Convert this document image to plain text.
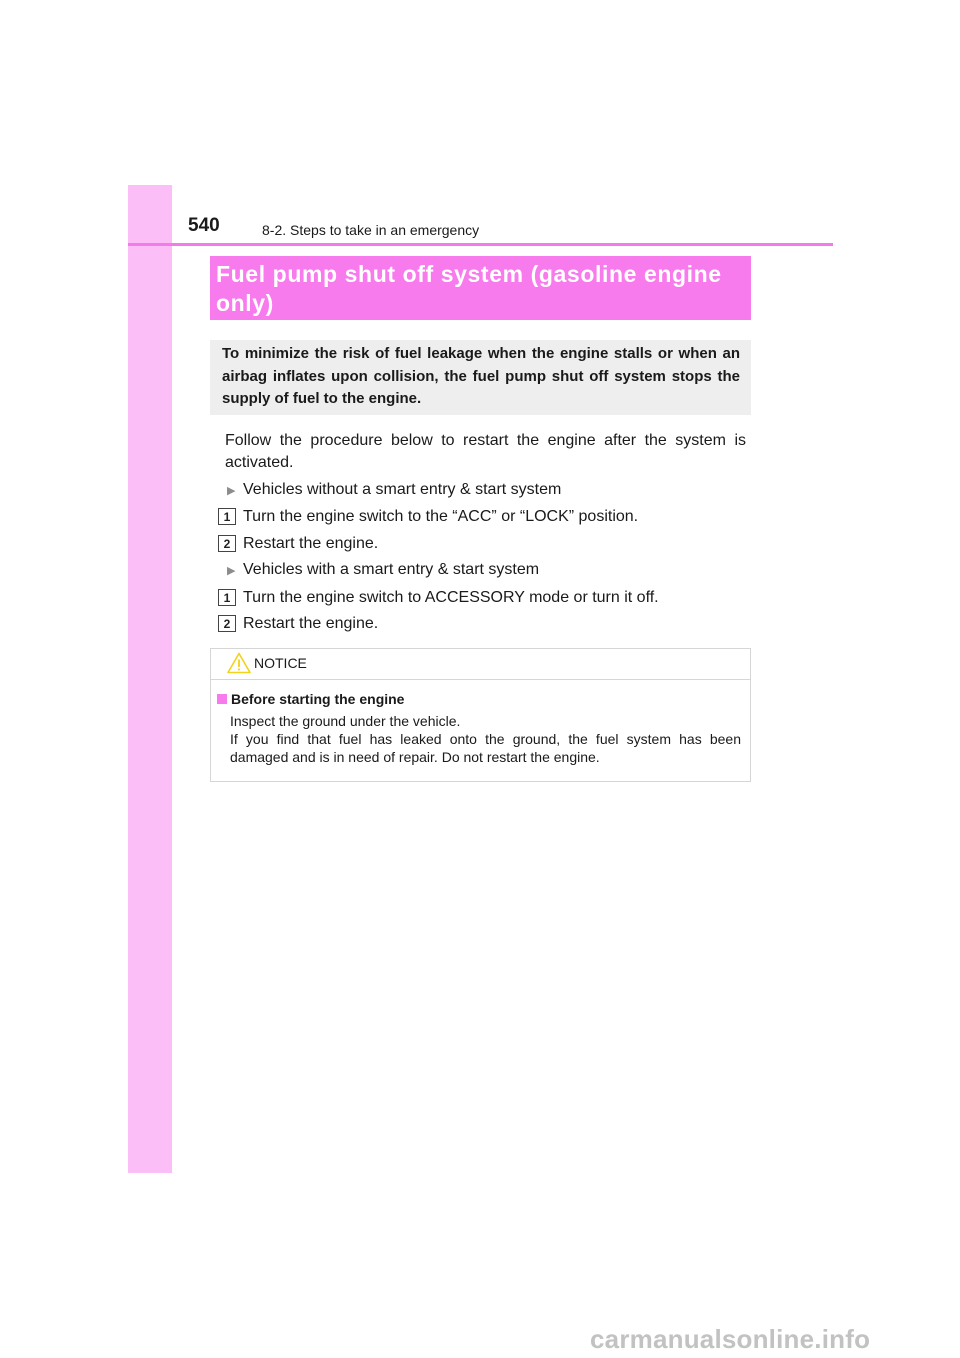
540	8-2. Steps to take in an emergency
Fuel pump shut off system (gasoline engine
only)
To minimize the risk of fuel leakage when the engine stalls or when an airbag inflates upon collision, the fuel pump shut off system stops the supply of fuel to the engine.
Follow the procedure below to restart the engine after the system is activated.
▶ Vehicles without a smart entry & start system
1 Turn the engine switch to the “ACC” or “LOCK” position.
2 Restart the engine.
▶ Vehicles with a smart entry & start system
1 Turn the engine switch to ACCESSORY mode or turn it off.
2 Restart the engine.
NOTICE
Before starting the engine
Inspect the ground under the vehicle.
If you find that fuel has leaked onto the ground, the fuel system has been damaged and is in need of repair. Do not restart the engine.
carmanualsonline.info
